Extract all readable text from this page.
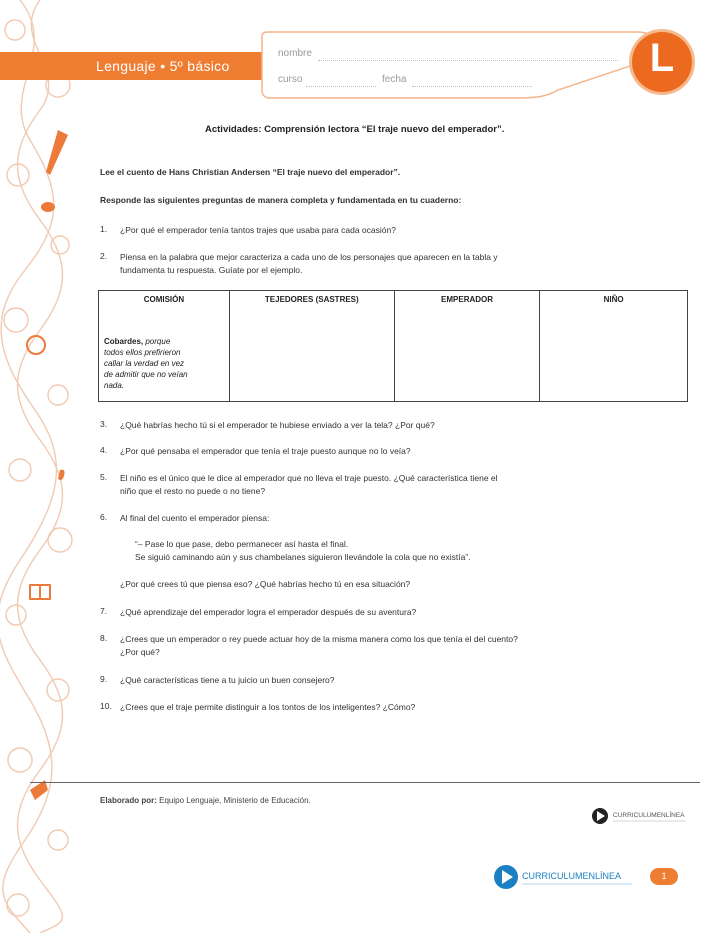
Lenguaje • 5º básico
nombre
curso	fecha	L
Actividades: Comprensión lectora “El traje nuevo del emperador”.
Lee el cuento de Hans Christian Andersen “El traje nuevo del emperador”.
Responde las siguientes preguntas de manera completa y fundamentada en tu cuaderno:
1. ¿Por qué el emperador tenía tantos trajes que usaba para cada ocasión?
2. Piensa en la palabra que mejor caracteriza a cada uno de los personajes que aparecen en la tabla y
fundamenta tu respuesta. Guíate por el ejemplo.
COMISIÓN	TEJEDORES (SASTRES)	EMPERADOR	NIÑO

Cobardes, porque
todos ellos prefirieron
callar la verdad en vez
de admitir que no veían
nada.			

3. ¿Qué habrías hecho tú si el emperador te hubiese enviado a ver la tela? ¿Por qué?
4. ¿Por qué pensaba el emperador que tenía el traje puesto aunque no lo veía?
5. El niño es el único que le dice al emperador que no lleva el traje puesto. ¿Qué característica tiene el
niño que el resto no puede o no tiene?
6. Al final del cuento el emperador piensa:
“– Pase lo que pase, debo permanecer así hasta el final.
Se siguió caminando aún y sus chambelanes siguieron llevándole la cola que no existía”.
¿Por qué crees tú que piensa eso? ¿Qué habrías hecho tú en esa situación?
7. ¿Qué aprendizaje del emperador logra el emperador después de su aventura?
8. ¿Crees que un emperador o rey puede actuar hoy de la misma manera como los que tenía el del cuento?
¿Por qué?
9. ¿Qué características tiene a tu juicio un buen consejero?
10. ¿Crees que el traje permite distinguir a los tontos de los inteligentes? ¿Cómo?
Elaborado por: Equipo Lenguaje, Ministerio de Educación.
CURRICULUMENLÍNEA
CURRICULUMENLÍNEA	1
